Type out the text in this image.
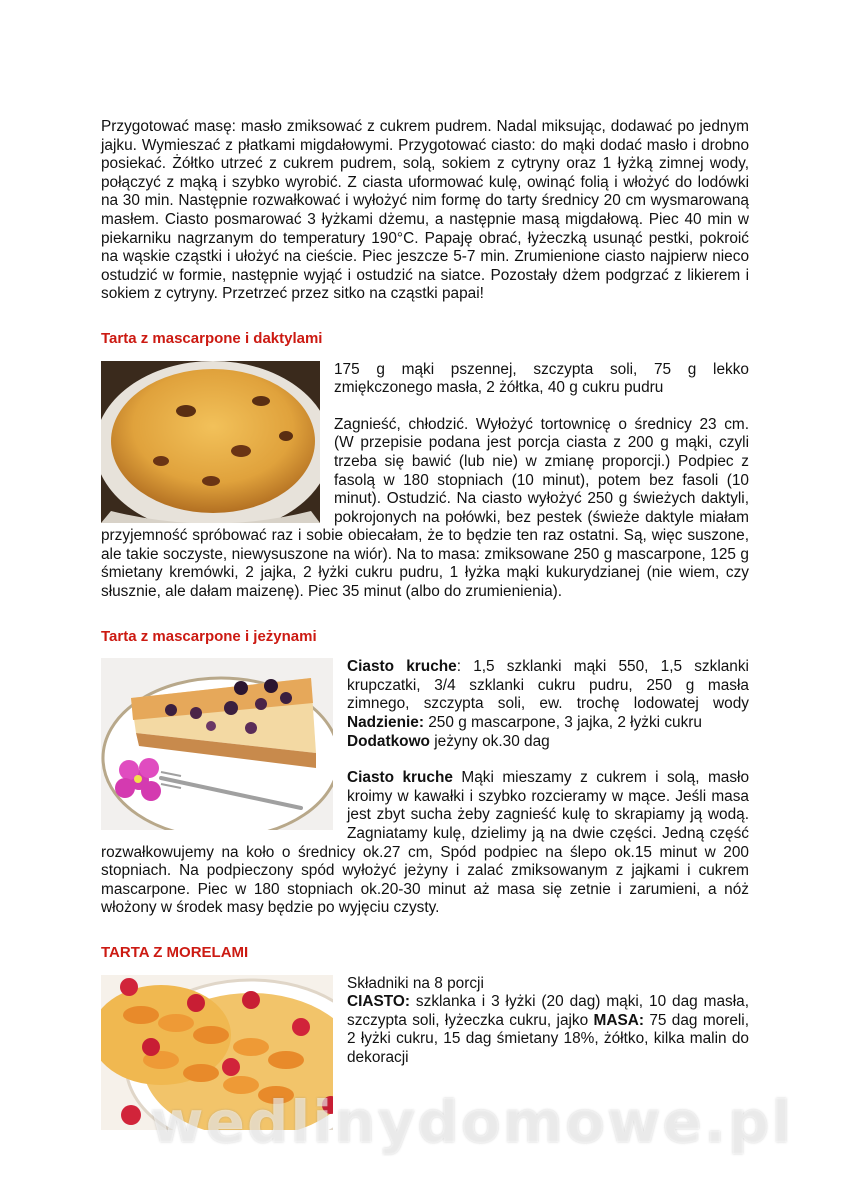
Przygotować masę: masło zmiksować z cukrem pudrem. Nadal miksując, dodawać po jednym jajku. Wymieszać z płatkami migdałowymi. Przygotować ciasto: do mąki dodać masło i drobno posiekać. Żółtko utrzeć z cukrem pudrem, solą, sokiem z cytryny oraz 1 łyżką zimnej wody, połączyć z mąką i szybko wyrobić. Z ciasta uformować kulę, owinąć folią i włożyć do lodówki na 30 min. Następnie rozwałkować i wyłożyć nim formę do tarty średnicy 20 cm wysmarowaną masłem. Ciasto posmarować 3 łyżkami dżemu, a następnie masą migdałową. Piec 40 min w piekarniku nagrzanym do temperatury 190°C. Papaję obrać, łyżeczką usunąć pestki, pokroić na wąskie cząstki i ułożyć na cieście. Piec jeszcze 5-7 min. Zrumienione ciasto najpierw nieco ostudzić w formie, następnie wyjąć i ostudzić na siatce. Pozostały dżem podgrzać z likierem i sokiem z cytryny. Przetrzeć przez sitko na cząstki papai!

Tarta z mascarpone i daktylami

175 g mąki pszennej, szczypta soli, 75 g lekko zmiękczonego masła, 2 żółtka, 40 g cukru pudru

Zagnieść, chłodzić. Wyłożyć tortownicę o średnicy 23 cm. (W przepisie podana jest porcja ciasta z 200 g mąki, czyli trzeba się bawić (lub nie) w zmianę proporcji.) Podpiec z fasolą w 180 stopniach (10 minut), potem bez fasoli (10 minut). Ostudzić. Na ciasto wyłożyć 250 g świeżych daktyli, pokrojonych na połówki, bez pestek (świeże daktyle miałam przyjemność spróbować raz i sobie obiecałam, że to będzie ten raz ostatni. Są, więc suszone, ale takie soczyste, niewysuszone na wiór). Na to masa: zmiksowane 250 g mascarpone, 125 g śmietany kremówki, 2 jajka, 2 łyżki cukru pudru, 1 łyżka mąki kukurydzianej (nie wiem, czy słusznie, ale dałam maizenę). Piec 35 minut (albo do zrumienienia).

Tarta z mascarpone i jeżynami

Ciasto kruche: 1,5 szklanki mąki 550, 1,5 szklanki krupczatki, 3/4 szklanki cukru pudru, 250 g masła zimnego, szczypta soli, ew. trochę lodowatej wody Nadzienie: 250 g mascarpone, 3 jajka, 2 łyżki cukru
Dodatkowo jeżyny ok.30 dag

Ciasto kruche Mąki mieszamy z cukrem i solą, masło kroimy w kawałki i szybko rozcieramy w mące. Jeśli masa jest zbyt sucha żeby zagnieść kulę to skrapiamy ją wodą. Zagniatamy kulę, dzielimy ją na dwie części. Jedną część rozwałkowujemy na koło o średnicy ok.27 cm, Spód podpiec na ślepo ok.15 minut w 200 stopniach. Na podpieczony spód wyłożyć jeżyny i zalać zmiksowanym z jajkami i cukrem mascarpone. Piec w 180 stopniach ok.20-30 minut aż masa się zetnie i zarumieni, a nóż włożony w środek masy będzie po wyjęciu czysty.

TARTA Z MORELAMI

Składniki na 8 porcji

CIASTO: szklanka i 3 łyżki (20 dag) mąki, 10 dag masła, szczypta soli, łyżeczka cukru, jajko MASA: 75 dag moreli, 2 łyżki cukru, 15 dag śmietany 18%, żółtko, kilka malin do dekoracji

wedlinydomowe.pl
